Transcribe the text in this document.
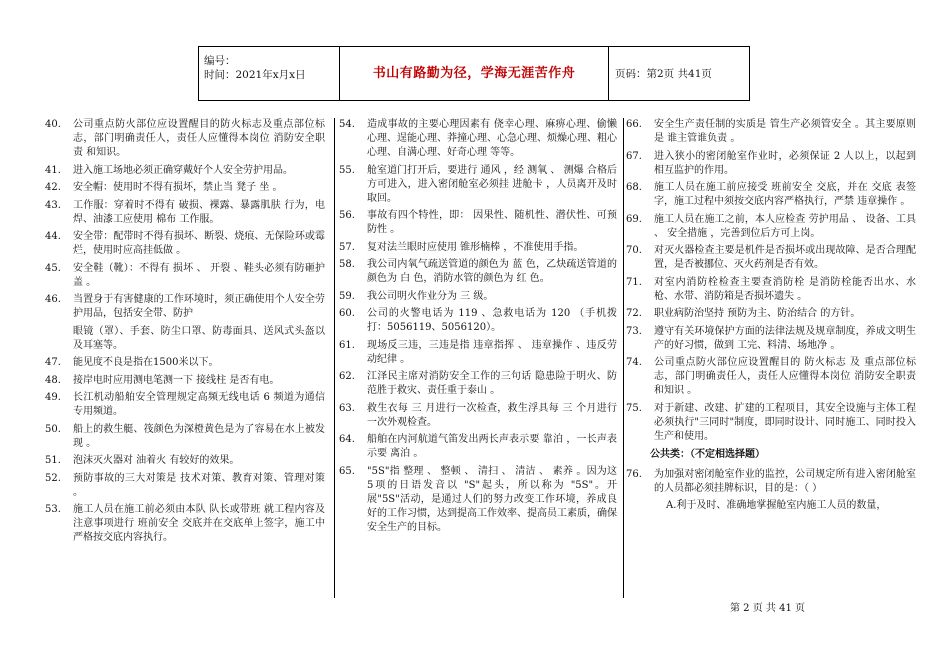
编号：
时间：2021年x月x日	书山有路勤为径，学海无涯苦作舟	页码：第2页 共41页
40.	公司重点防火部位应设置醒目的防火标志及重点部位标志，部门明确责任人，责任人应懂得本岗位 消防安全职责 和知识。
41.	进入施工场地必须正确穿戴好个人安全劳护用品。
42.	安全帽：使用时不得有损坏，禁止当 凳子 坐 。
43.	工作服：穿着时不得有 破损、裸露、暴露肌肤 行为，电焊、油漆工应使用 棉布 工作服。
44.	安全带：配带时不得有损坏、断裂、烧痕、无保险环或霉烂，使用时应高挂低做 。
45.	安全鞋（靴）：不得有 损坏 、 开裂 、鞋头必须有防砸护盖 。
46.	当置身于有害健康的工作环境时，须正确使用个人安全劳护用品，包括安全带、防护
眼镜（罩）、手套、防尘口罩、防毒面具、送风式头盔以及耳塞等。
47.	能见度不良是指在1500米以下。
48.	接岸电时应用测电笔测一下 接线柱 是否有电。
49.	长江机动船舶安全管理规定高频无线电话 6 频道为通信专用频道。
50.	船上的救生艇、筏颜色为深橙黄色是为了容易在水上被发现 。
51.	泡沫灭火器对 油着火 有较好的效果。
52.	预防事故的三大对策是 技术对策、教育对策、管理对策 。
53.	施工人员在施工前必须由本队 队长或带班 就工程内容及注意事项进行 班前安全 交底并在交底单上签字，施工中严格按交底内容执行。
54.	造成事故的主要心理因素有 侥幸心理、麻痹心理、偷懒心理、逞能心理、莽撞心理、心急心理、烦燥心理、粗心心理、自满心理、好奇心理 等等。
55.	舱室道门打开后，要进行 通风 ，经 测氧 、 测爆 合格后方可进入，进入密闭舱室必须挂 进舱卡 ，人员离开及时取回。
56.	事故有四个特性，即： 因果性、随机性、潜伏性、可预防性 。
57.	复对法兰眼时应使用 锥形楠棒 ，不准使用手指。
58.	我公司内氧气疏送管道的颜色为 蓝 色，乙炔疏送管道的颜色为 白 色，消防水管的颜色为 红 色。
59.	我公司明火作业分为 三 级。
60.	公司的火警电话为 119 、急救电话为 120 （手机拨打：5056119、5056120）。
61.	现场反三违，三违是指 违章指挥 、 违章操作 、违反劳动纪律 。
62.	江泽民主席对消防安全工作的三句话 隐患险于明火、防范胜于救灾、责任重于泰山 。
63.	救生衣每 三 月进行一次检查，救生浮具每 三 个月进行一次外观检查。
64.	船舶在内河航道气笛发出两长声表示要 靠泊 ，一长声表示要 离泊 。
65.	"5S"指 整理 、 整顿 、 清扫 、 清洁 、 素养 。因为这5项的日语发音以 "S"起头，所以称为 "5S"。开展"5S"活动，是通过人们的努力改变工作环境，养成良好的工作习惯，达到提高工作效率、提高员工素质，确保安全生产的目标。
66.	安全生产责任制的实质是 管生产必须管安全 。其主要原则是 谁主管谁负责 。
67.	进入狭小的密闭舱室作业时，必须保证 2 人以上，以起到相互监护的作用。
68.	施工人员在施工前应接受 班前安全 交底，并在 交底 表签字，施工过程中须按交底内容严格执行，严禁 违章操作 。
69.	施工人员在施工之前，本人应检查 劳护用品 、 设备、工具 、 安全措施 ，完善到位后方可上岗。
70.	对灭火器检查主要是机件是否损坏或出现故障、是否合理配置，是否被挪位、灭火药剂是否有效。
71.	对室内消防栓检查主要查消防栓 是消防栓能否出水、水枪、水带、消防箱是否损坏遗失 。
72.	职业病防治坚持 预防为主、防治结合 的方针。
73.	遵守有关环境保护方面的法律法规及规章制度，养成文明生产的好习惯，做到 工完、料清、场地净 。
74.	公司重点防火部位应设置醒目的 防火标志 及 重点部位标志，部门明确责任人，责任人应懂得本岗位 消防安全职责和知识 。
75.	对于新建、改建、扩建的工程项目，其安全设施与主体工程必须执行"三同时"制度，即同时设计、同时施工、同时投入生产和使用。
公共类：（不定相选择题）
76.	为加强对密闭舱室作业的监控，公司规定所有进入密闭舱室的人员都必须挂牌标识，目的是：（ ）
A.利于及时、准确地掌握舱室内施工人员的数量，
第 2 页 共 41 页
